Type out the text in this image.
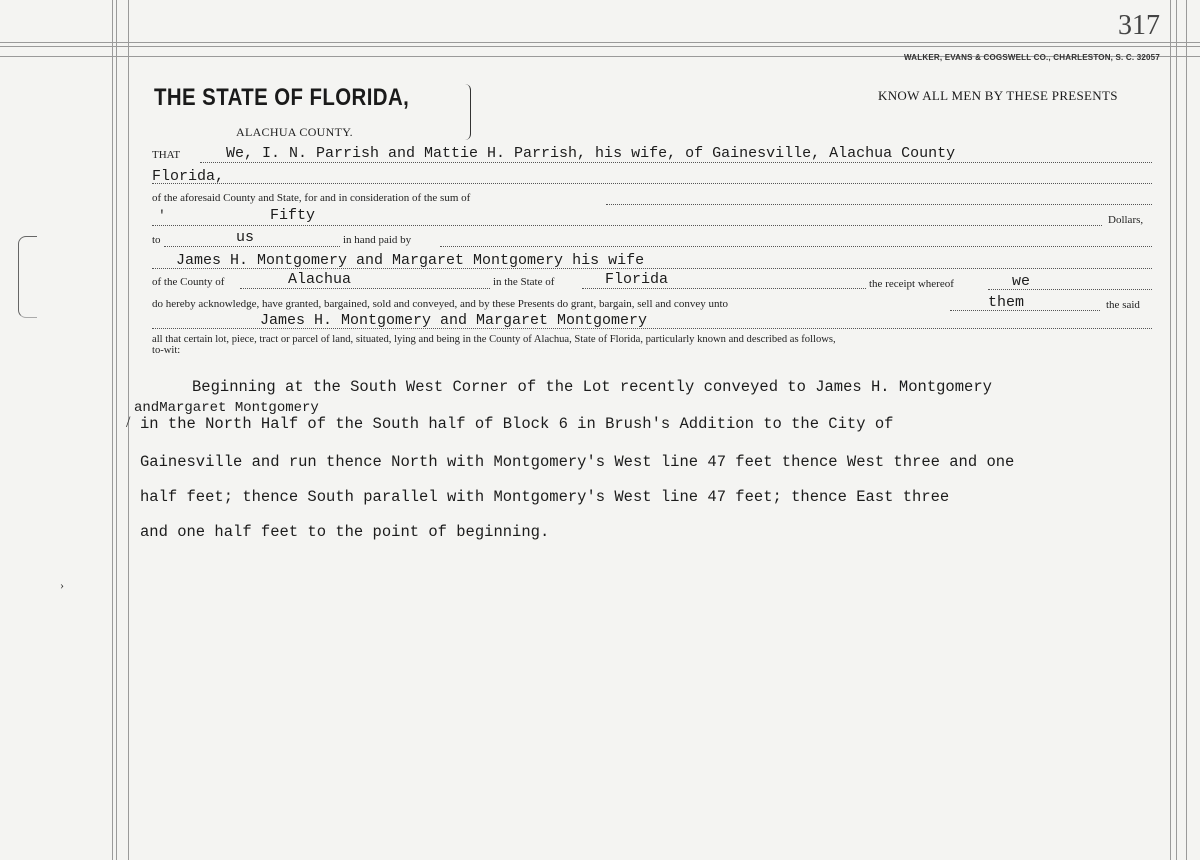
›
317
WALKER, EVANS & COGSWELL CO., CHARLESTON, S. C. 32057
THE STATE OF FLORIDA,	KNOW ALL MEN BY THESE PRESENTS
ALACHUA COUNTY.
THAT	We, I. N. Parrish and Mattie H. Parrish, his wife, of Gainesville, Alachua County
Florida,
of the aforesaid County and State, for and in consideration of the sum of
'	Fifty	Dollars,
to	us	in hand paid by
James H. Montgomery and Margaret Montgomery his wife
of the County of	Alachua	in the State of	Florida	the receipt whereof	we
do hereby acknowledge, have granted, bargained, sold and conveyed, and by these Presents do grant, bargain, sell and convey unto	them	the said
James H. Montgomery and Margaret Montgomery
all that certain lot, piece, tract or parcel of land, situated, lying and being in the County of Alachua, State of Florida, particularly known and described as follows,
to-wit:
Beginning at the South West Corner of the Lot recently conveyed to James H. Montgomery
andMargaret Montgomery
/ in the North Half of the South half of Block 6 in Brush's Addition to the City of
Gainesville and run thence North with Montgomery's West line 47 feet thence West three and one
half feet; thence South parallel with Montgomery's West line 47 feet; thence East three
and one half feet to the point of beginning.
